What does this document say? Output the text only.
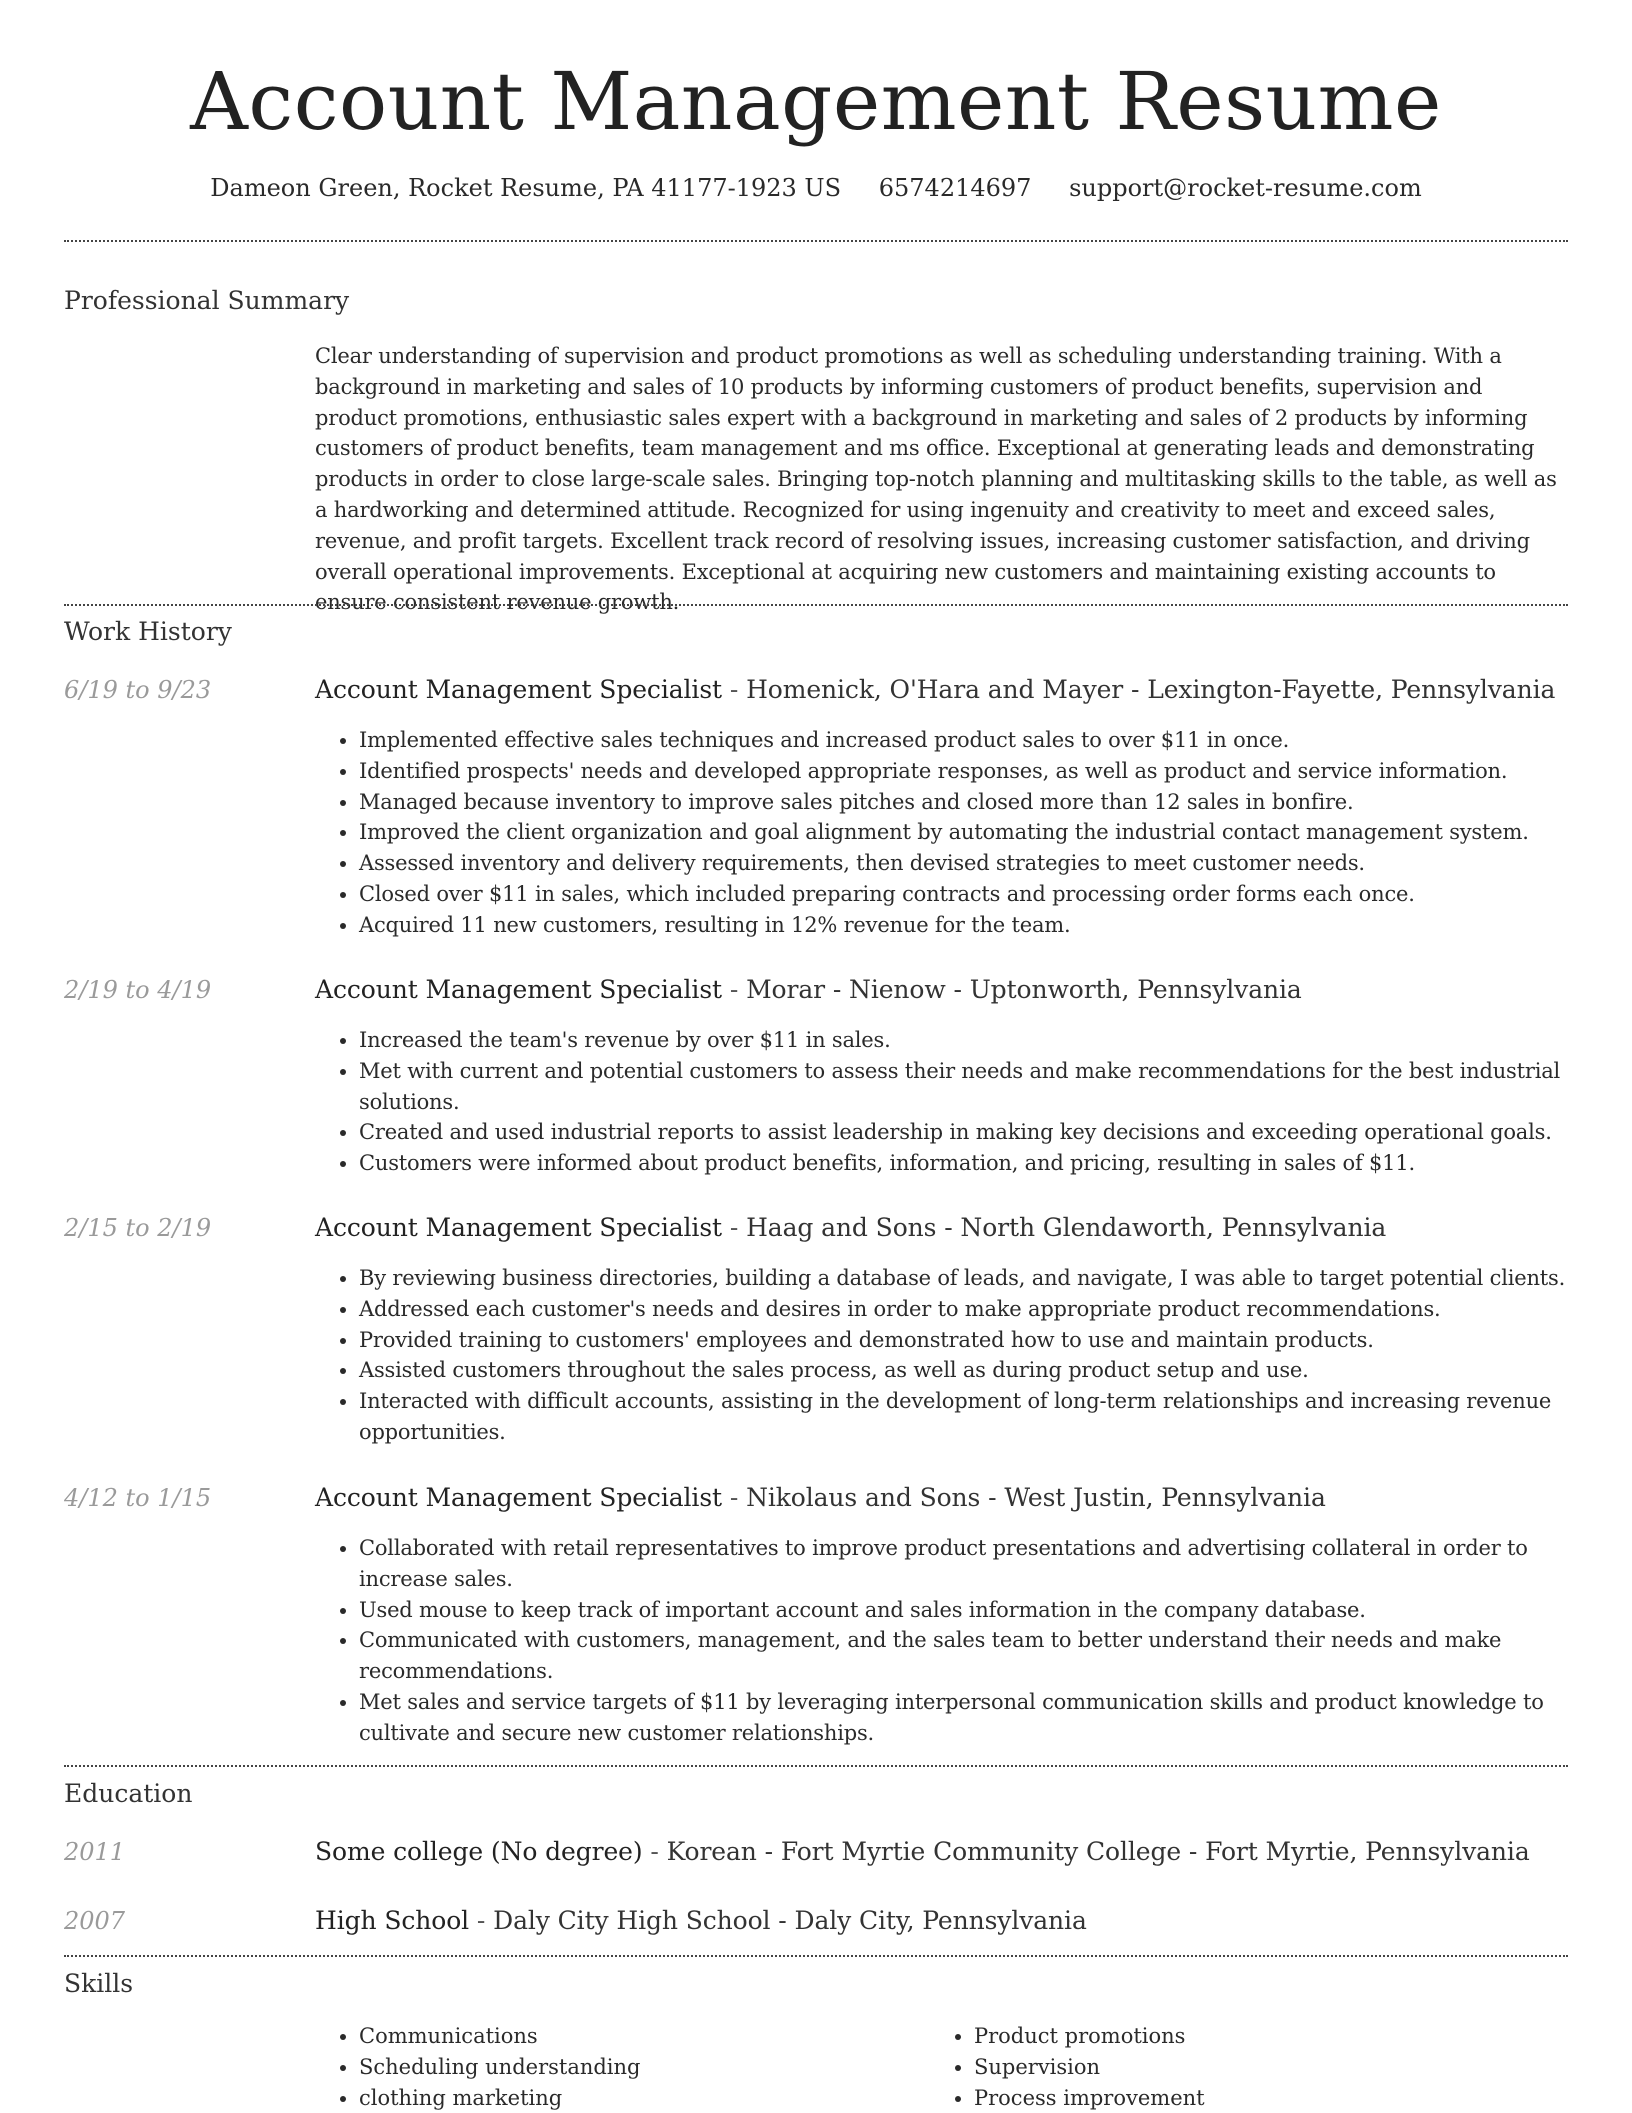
Account Management Resume
Dameon Green, Rocket Resume, PA 41177-1923 US 6574214697 support@rocket-resume.com
Professional Summary

Clear understanding of supervision and product promotions as well as scheduling understanding training. With a background in marketing and sales of 10 products by informing customers of product benefits, supervision and product promotions, enthusiastic sales expert with a background in marketing and sales of 2 products by informing customers of product benefits, team management and ms office. Exceptional at generating leads and demonstrating products in order to close large-scale sales. Bringing top-notch planning and multitasking skills to the table, as well as a hardworking and determined attitude. Recognized for using ingenuity and creativity to meet and exceed sales, revenue, and profit targets. Excellent track record of resolving issues, increasing customer satisfaction, and driving overall operational improvements. Exceptional at acquiring new customers and maintaining existing accounts to ensure consistent revenue growth.

Work History
6/19 to 9/23	Account Management Specialist - Homenick, O'Hara and Mayer - Lexington-Fayette, Pennsylvania
• Implemented effective sales techniques and increased product sales to over $11 in once.
• Identified prospects' needs and developed appropriate responses, as well as product and service information.
• Managed because inventory to improve sales pitches and closed more than 12 sales in bonfire.
• Improved the client organization and goal alignment by automating the industrial contact management system.
• Assessed inventory and delivery requirements, then devised strategies to meet customer needs.
• Closed over $11 in sales, which included preparing contracts and processing order forms each once.
• Acquired 11 new customers, resulting in 12% revenue for the team.
2/19 to 4/19	Account Management Specialist - Morar - Nienow - Uptonworth, Pennsylvania
• Increased the team's revenue by over $11 in sales.
• Met with current and potential customers to assess their needs and make recommendations for the best industrial solutions.
• Created and used industrial reports to assist leadership in making key decisions and exceeding operational goals.
• Customers were informed about product benefits, information, and pricing, resulting in sales of $11.
2/15 to 2/19	Account Management Specialist - Haag and Sons - North Glendaworth, Pennsylvania
• By reviewing business directories, building a database of leads, and navigate, I was able to target potential clients.
• Addressed each customer's needs and desires in order to make appropriate product recommendations.
• Provided training to customers' employees and demonstrated how to use and maintain products.
• Assisted customers throughout the sales process, as well as during product setup and use.
• Interacted with difficult accounts, assisting in the development of long-term relationships and increasing revenue opportunities.
4/12 to 1/15	Account Management Specialist - Nikolaus and Sons - West Justin, Pennsylvania
• Collaborated with retail representatives to improve product presentations and advertising collateral in order to increase sales.
• Used mouse to keep track of important account and sales information in the company database.
• Communicated with customers, management, and the sales team to better understand their needs and make recommendations.
• Met sales and service targets of $11 by leveraging interpersonal communication skills and product knowledge to cultivate and secure new customer relationships.
Education
2011	Some college (No degree) - Korean - Fort Myrtie Community College - Fort Myrtie, Pennsylvania
2007	High School - Daly City High School - Daly City, Pennsylvania
Skills
• Communications
• Scheduling understanding
• clothing marketing
• Product promotions
• Supervision
• Process improvement
